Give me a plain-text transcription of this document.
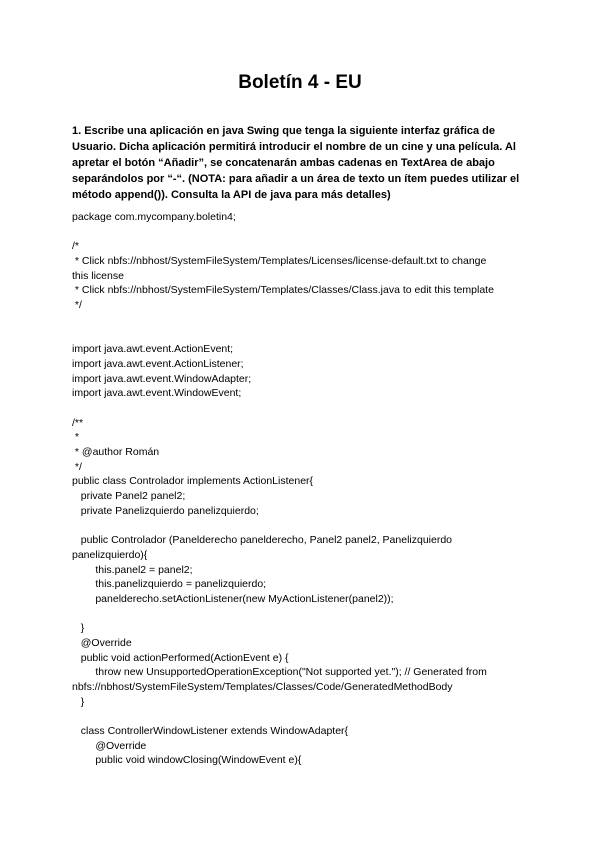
Boletín 4 - EU

1. Escribe una aplicación en java Swing que tenga la siguiente interfaz gráfica de Usuario. Dicha aplicación permitirá introducir el nombre de un cine y una película. Al apretar el botón “Añadir”, se concatenarán ambas cadenas en TextArea de abajo separándolos por “-“. (NOTA: para añadir a un área de texto un ítem puedes utilizar el método append()). Consulta la API de java para más detalles)

package com.mycompany.boletin4;
/*
* Click nbfs://nbhost/SystemFileSystem/Templates/Licenses/license-default.txt to change
this license
* Click nbfs://nbhost/SystemFileSystem/Templates/Classes/Class.java to edit this template
*/
import java.awt.event.ActionEvent;
import java.awt.event.ActionListener;
import java.awt.event.WindowAdapter;
import java.awt.event.WindowEvent;
/**
*
* @author Román
*/
public class Controlador implements ActionListener{
private Panel2 panel2;
private Panelizquierdo panelizquierdo;
public Controlador (Panelderecho panelderecho, Panel2 panel2, Panelizquierdo
panelizquierdo){
this.panel2 = panel2;
this.panelizquierdo = panelizquierdo;
panelderecho.setActionListener(new MyActionListener(panel2));
}
@Override
public void actionPerformed(ActionEvent e) {
throw new UnsupportedOperationException("Not supported yet."); // Generated from
nbfs://nbhost/SystemFileSystem/Templates/Classes/Code/GeneratedMethodBody
}
class ControllerWindowListener extends WindowAdapter{
@Override
public void windowClosing(WindowEvent e){
